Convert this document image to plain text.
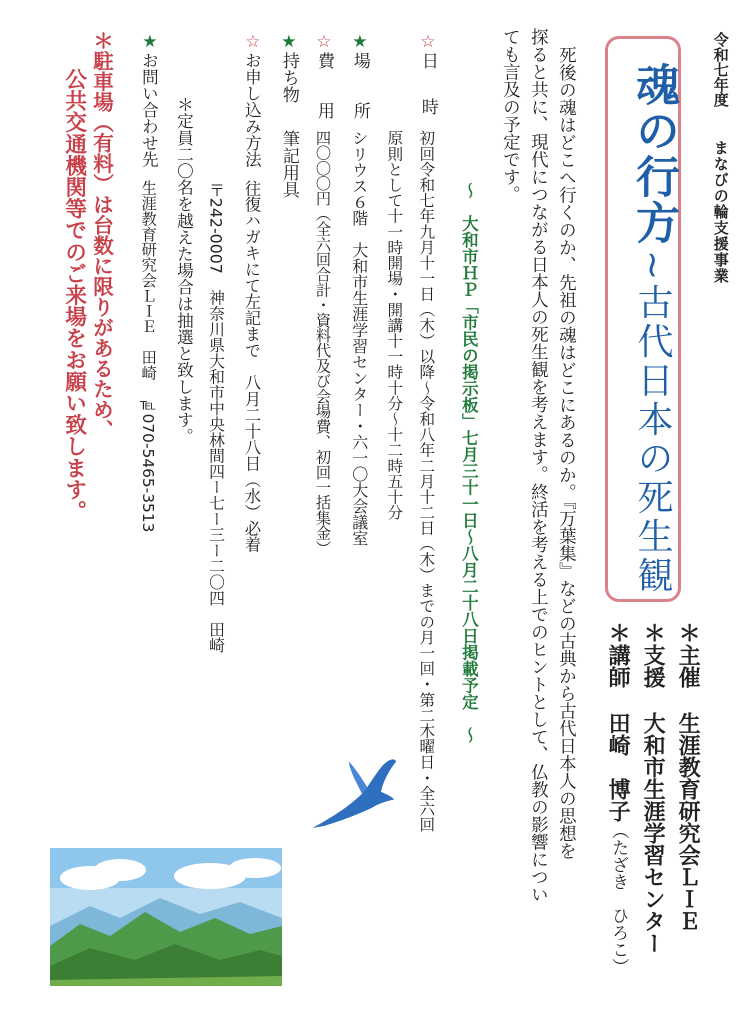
令和七年度
まなびの輪支援事業
魂の行方
~古代日本の死生観
＊主催生涯教育研究会ＬＩＥ
＊支援大和市生涯学習センター
＊講師田崎　博子（たざき　ひろこ）
死後の魂はどこへ行くのか、先祖の魂はどこにあるのか。『万葉集』などの古典から古代日本人の思想を
探ると共に、現代につながる日本人の死生観を考えます。終活を考える上でのヒントとして、仏教の影響につい
ても言及の予定です。
～　大和市ＨＰ「市民の掲示板」七月三十一日～八月二十八日掲載予定　～
☆
日　時
初回令和七年九月十一日（木）以降～令和八年二月十二日（木）までの月一回・第二木曜日・全六回
原則として十一時開場・開講十一時十分～十二時五十分
★
場　所
シリウス６階　大和市生涯学習センター・六一〇大会議室
☆
費　用
四〇〇〇円（全六回合計・資料代及び会場費、初回一括集金）
★
持ち物
筆記用具
☆
お申し込み方法
往復ハガキにて左記まで　八月二十八日（水）必着
〒242-0007　神奈川県大和市中央林間四ー七ー三ー二〇四　田崎
＊定員二〇名を越えた場合は抽選と致します。
★
お問い合わせ先
生涯教育研究会ＬＩＥ　田崎　℡070-5465-3513
＊駐車場（有料）は台数に限りがあるため、
公共交通機関等でのご来場をお願い致します。
